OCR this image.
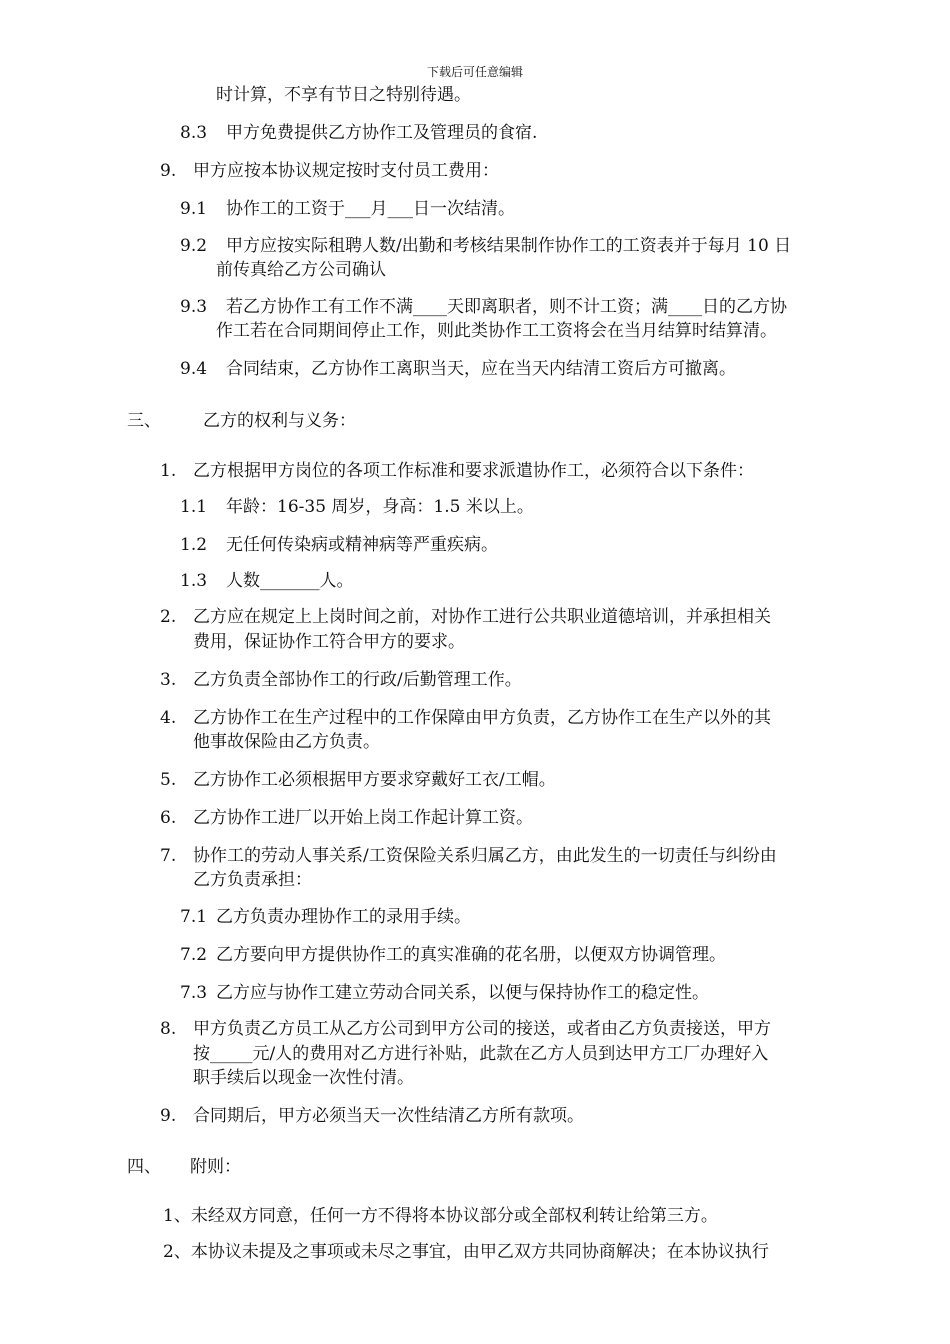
下载后可任意编辑
时计算，不享有节日之特别待遇。
8.3 甲方免费提供乙方协作工及管理员的食宿.
9. 甲方应按本协议规定按时支付员工费用：
9.1 协作工的工资于___月___日一次结清。
9.2 甲方应按实际租聘人数/出勤和考核结果制作协作工的工资表并于每月 10 日
前传真给乙方公司确认
9.3 若乙方协作工有工作不满____天即离职者，则不计工资；满____日的乙方协
作工若在合同期间停止工作，则此类协作工工资将会在当月结算时结算清。
9.4 合同结束，乙方协作工离职当天，应在当天内结清工资后方可撤离。
三、 乙方的权利与义务：
1. 乙方根据甲方岗位的各项工作标准和要求派遣协作工，必须符合以下条件：
1.1 年龄：16-35 周岁，身高：1.5 米以上。
1.2 无任何传染病或精神病等严重疾病。
1.3 人数_______人。
2. 乙方应在规定上上岗时间之前，对协作工进行公共职业道德培训，并承担相关
费用，保证协作工符合甲方的要求。
3. 乙方负责全部协作工的行政/后勤管理工作。
4. 乙方协作工在生产过程中的工作保障由甲方负责，乙方协作工在生产以外的其
他事故保险由乙方负责。
5. 乙方协作工必须根据甲方要求穿戴好工衣/工帽。
6. 乙方协作工进厂以开始上岗工作起计算工资。
7. 协作工的劳动人事关系/工资保险关系归属乙方，由此发生的一切责任与纠纷由
乙方负责承担：
7.1 乙方负责办理协作工的录用手续。
7.2 乙方要向甲方提供协作工的真实准确的花名册，以便双方协调管理。
7.3 乙方应与协作工建立劳动合同关系，以便与保持协作工的稳定性。
8. 甲方负责乙方员工从乙方公司到甲方公司的接送，或者由乙方负责接送，甲方
按_____元/人的费用对乙方进行补贴，此款在乙方人员到达甲方工厂办理好入
职手续后以现金一次性付清。
9. 合同期后，甲方必须当天一次性结清乙方所有款项。
四、 附则：
1、未经双方同意，任何一方不得将本协议部分或全部权利转让给第三方。
2、本协议未提及之事项或未尽之事宜，由甲乙双方共同协商解决；在本协议执行
